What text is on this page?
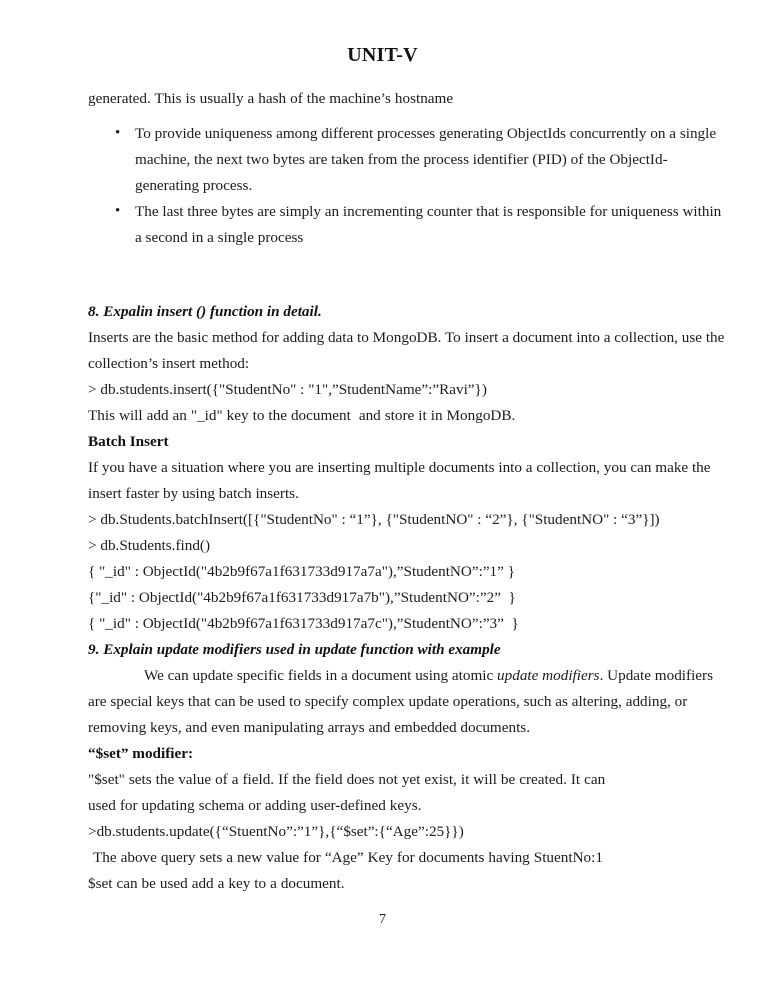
UNIT-V
generated. This is usually a hash of the machine’s hostname
• To provide uniqueness among different processes generating ObjectIds concurrently on a single machine, the next two bytes are taken from the process identifier (PID) of the ObjectId-generating process.
• The last three bytes are simply an incrementing counter that is responsible for uniqueness within a second in a single process
8. Expalin insert () function in detail.
Inserts are the basic method for adding data to MongoDB. To insert a document into a collection, use the collection’s insert method:
> db.students.insert({"StudentNo" : "1",”StudentName”:”Ravi”})
This will add an "_id" key to the document  and store it in MongoDB.
Batch Insert
If you have a situation where you are inserting multiple documents into a collection, you can make the insert faster by using batch inserts.
> db.Students.batchInsert([{"StudentNo" : “1”}, {"StudentNO" : “2”}, {"StudentNO" : “3”}])
> db.Students.find()
{ "_id" : ObjectId("4b2b9f67a1f631733d917a7a"),”StudentNO”:”1” }
{"_id" : ObjectId("4b2b9f67a1f631733d917a7b"),”StudentNO”:”2”  }
{ "_id" : ObjectId("4b2b9f67a1f631733d917a7c"),”StudentNO”:”3”  }
9. Explain update modifiers used in update function with example
We can update specific fields in a document using atomic update modifiers. Update modifiers are special keys that can be used to specify complex update operations, such as altering, adding, or removing keys, and even manipulating arrays and embedded documents.
“$set” modifier:
"$set" sets the value of a field. If the field does not yet exist, it will be created. It can
used for updating schema or adding user-defined keys.
>db.students.update({“StuentNo”:”1”},{“$set”:{“Age”:25}})
The above query sets a new value for “Age” Key for documents having StuentNo:1
$set can be used add a key to a document.
7
